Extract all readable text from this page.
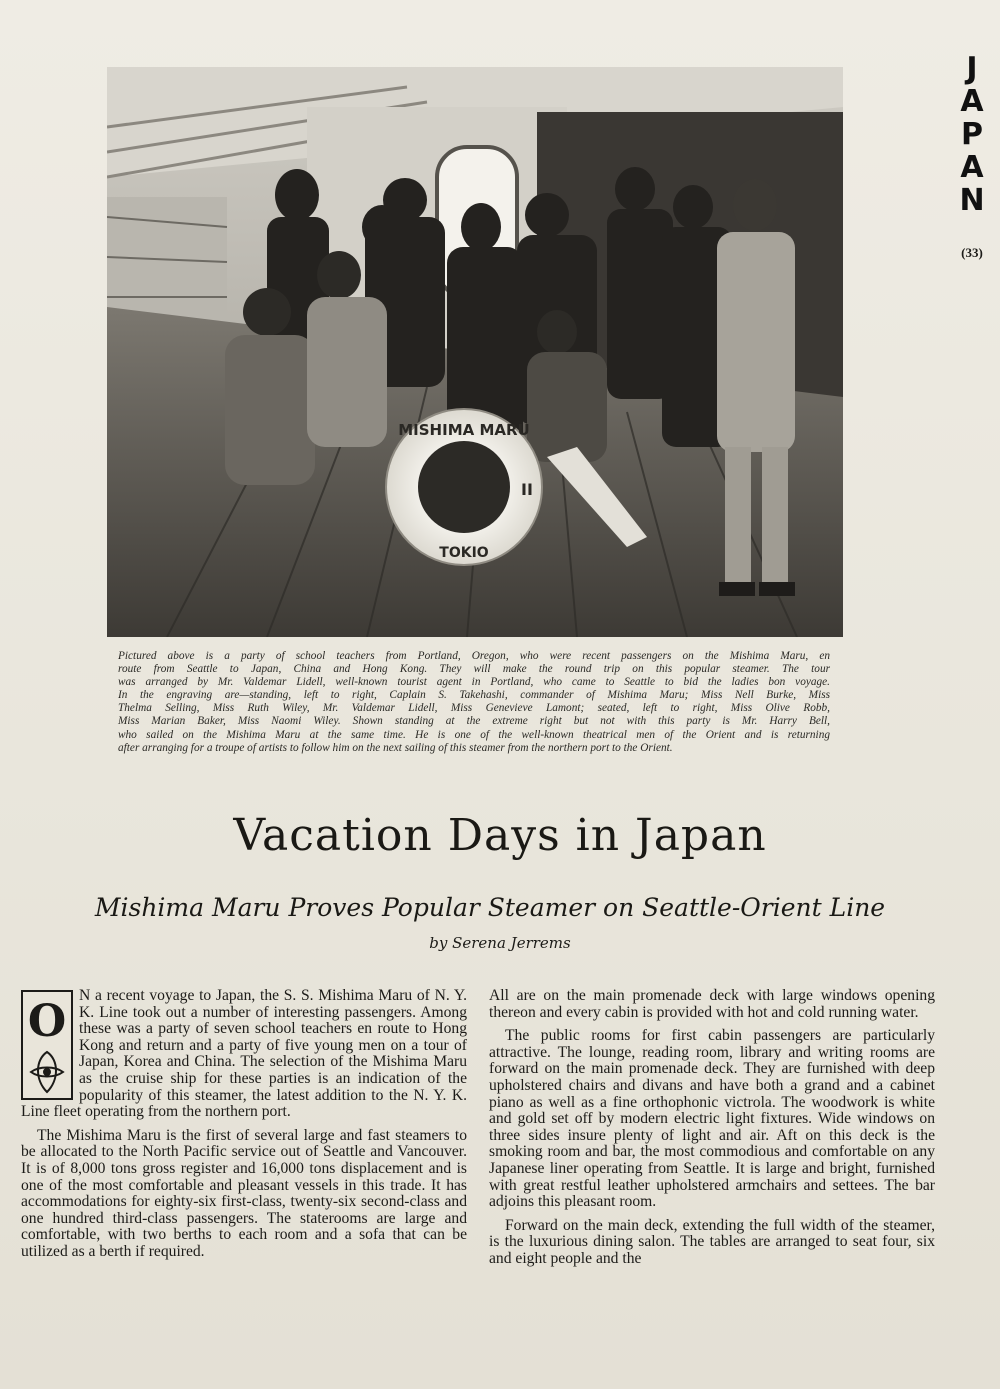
MISHIMA MARU
TOKIO
II
J
A
P
A
N
(33)
Pictured above is a party of school teachers from Portland, Oregon, who were recent passengers on the Mishima Maru, en
route from Seattle to Japan, China and Hong Kong. They will make the round trip on this popular steamer. The tour
was arranged by Mr. Valdemar Lidell, well-known tourist agent in Portland, who came to Seattle to bid the ladies bon voyage.
In the engraving are—standing, left to right, Caplain S. Takehashi, commander of Mishima Maru; Miss Nell Burke, Miss
Thelma Selling, Miss Ruth Wiley, Mr. Valdemar Lidell, Miss Genevieve Lamont; seated, left to right, Miss Olive Robb,
Miss Marian Baker, Miss Naomi Wiley. Shown standing at the extreme right but not with this party is Mr. Harry Bell,
who sailed on the Mishima Maru at the same time. He is one of the well-known theatrical men of the Orient and is returning
after arranging for a troupe of artists to follow him on the next sailing of this steamer from the northern port to the Orient.
Vacation Days in Japan
Mishima Maru Proves Popular Steamer on Seattle-Orient Line
by Serena Jerrems
O

N a recent voyage to Japan, the S. S. Mishima Maru of N. Y. K. Line took out a number of interesting passengers. Among these was a party of seven school teachers en route to Hong Kong and return and a party of five young men on a tour of Japan, Korea and China. The selection of the Mishima Maru as the cruise ship for these parties is an indication of the popularity of this steamer, the latest addition to the N. Y. K. Line fleet operating from the northern port.

The Mishima Maru is the first of several large and fast steamers to be allocated to the North Pacific service out of Seattle and Vancouver. It is of 8,000 tons gross register and 16,000 tons displacement and is one of the most comfortable and pleasant vessels in this trade. It has accommodations for eighty-six first-class, twenty-six second-class and one hundred third-class passengers. The staterooms are large and comfortable, with two berths to each room and a sofa that can be utilized as a berth if required.

All are on the main promenade deck with large windows opening thereon and every cabin is provided with hot and cold running water.

The public rooms for first cabin passengers are particularly attractive. The lounge, reading room, library and writing rooms are forward on the main promenade deck. They are furnished with deep upholstered chairs and divans and have both a grand and a cabinet piano as well as a fine orthophonic victrola. The woodwork is white and gold set off by modern electric light fixtures. Wide windows on three sides insure plenty of light and air. Aft on this deck is the smoking room and bar, the most commodious and comfortable on any Japanese liner operating from Seattle. It is large and bright, furnished with great restful leather upholstered armchairs and settees. The bar adjoins this pleasant room.

Forward on the main deck, extending the full width of the steamer, is the luxurious dining salon. The tables are arranged to seat four, six and eight people and the
